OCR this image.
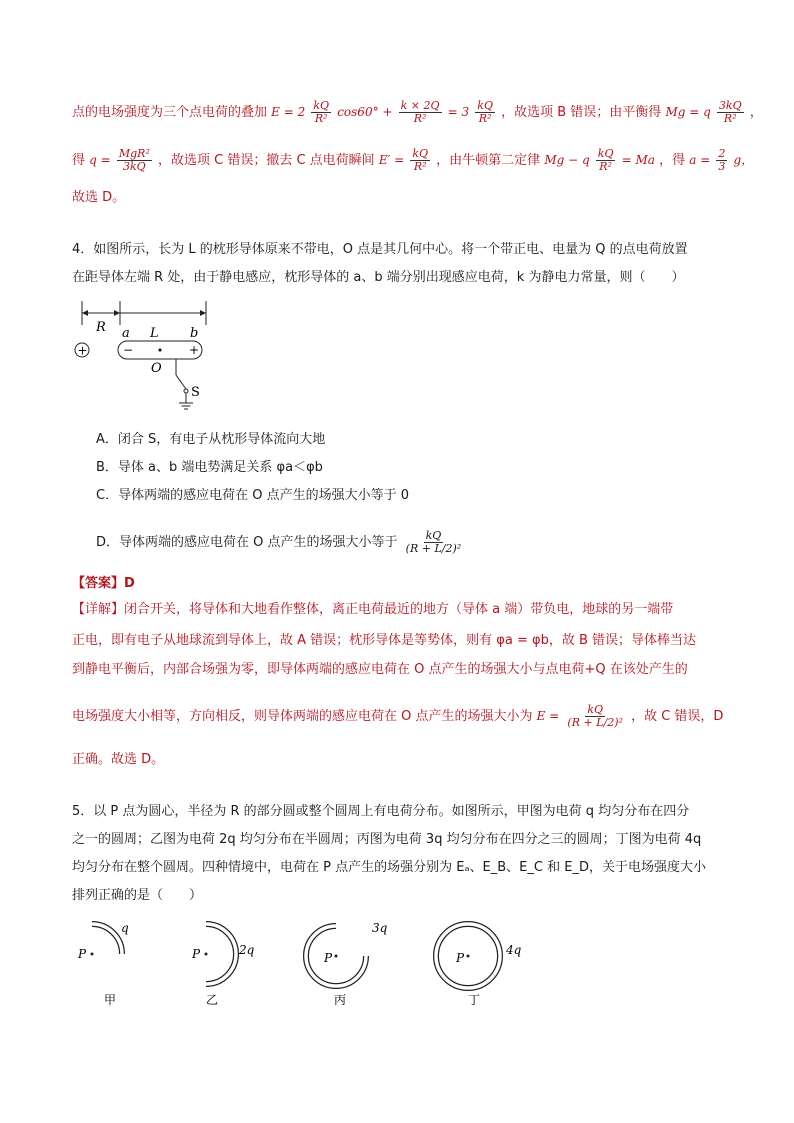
点的电场强度为三个点电荷的叠加 $E = 2 \frac{kQ}{\text{R²}} \cos 60^\circ + \frac{k \times 2Q}{\text{R²}} = 3 \frac{kQ}{\text{R²}}$ ，故选项 B 错误；由平衡得 Mg = q $\frac{3kQ}{\text{R²}}$ ，
得 $q = \frac{\text{MgR²}}{3kQ}$ ，故选项 C 错误；撤去 C 点电荷瞬间 $E' = \frac{kQ}{\text{R²}}$ ，由牛顿第二定律 Mg − q $\frac{kQ}{\text{R²}} = Ma$ ，得 $a = \frac{2}{3}$ g，
故选 D。
4．如图所示，长为 L 的枕形导体原来不带电，O 点是其几何中心。将一个带正电、电量为 Q 的点电荷放置
在距导体左端 R 处，由于静电感应，枕形导体的 a、b 端分别出现感应电荷，k 为静电力常量，则（　　）
R a L b
+	−	+
O
S
A．闭合 S，有电子从枕形导体流向大地
B．导体 a、b 端电势满足关系 φa＜φb
C．导体两端的感应电荷在 O 点产生的场强大小等于 0
D．导体两端的感应电荷在 O 点产生的场强大小等于 $\frac{kQ}{\text{(R + L/2)²}}$
【答案】D
【详解】闭合开关，将导体和大地看作整体，离正电荷最近的地方（导体 a 端）带负电，地球的另一端带
正电，即有电子从地球流到导体上，故 A 错误；枕形导体是等势体，则有 φa = φb，故 B 错误；导体棒当达
到静电平衡后，内部合场强为零，即导体两端的感应电荷在 O 点产生的场强大小与点电荷+Q 在该处产生的
电场强度大小相等，方向相反，则导体两端的感应电荷在 O 点产生的场强大小为 $E = \frac{kQ}{\text{(R + L/2)²}}$ ，故 C 错误，D
正确。故选 D。
5．以 P 点为圆心，半径为 R 的部分圆或整个圆周上有电荷分布。如图所示，甲图为电荷 q 均匀分布在四分
之一的圆周；乙图为电荷 2q 均匀分布在半圆周；丙图为电荷 3q 均匀分布在四分之三的圆周；丁图为电荷 4q
均匀分布在整个圆周。四种情境中，电荷在 P 点产生的场强分别为 Eₐ、E_B、E_C 和 E_D，关于电场强度大小
排列正确的是（　　）
P
q
甲
P	2q
乙
P
3q
丙
P
4q
丁
